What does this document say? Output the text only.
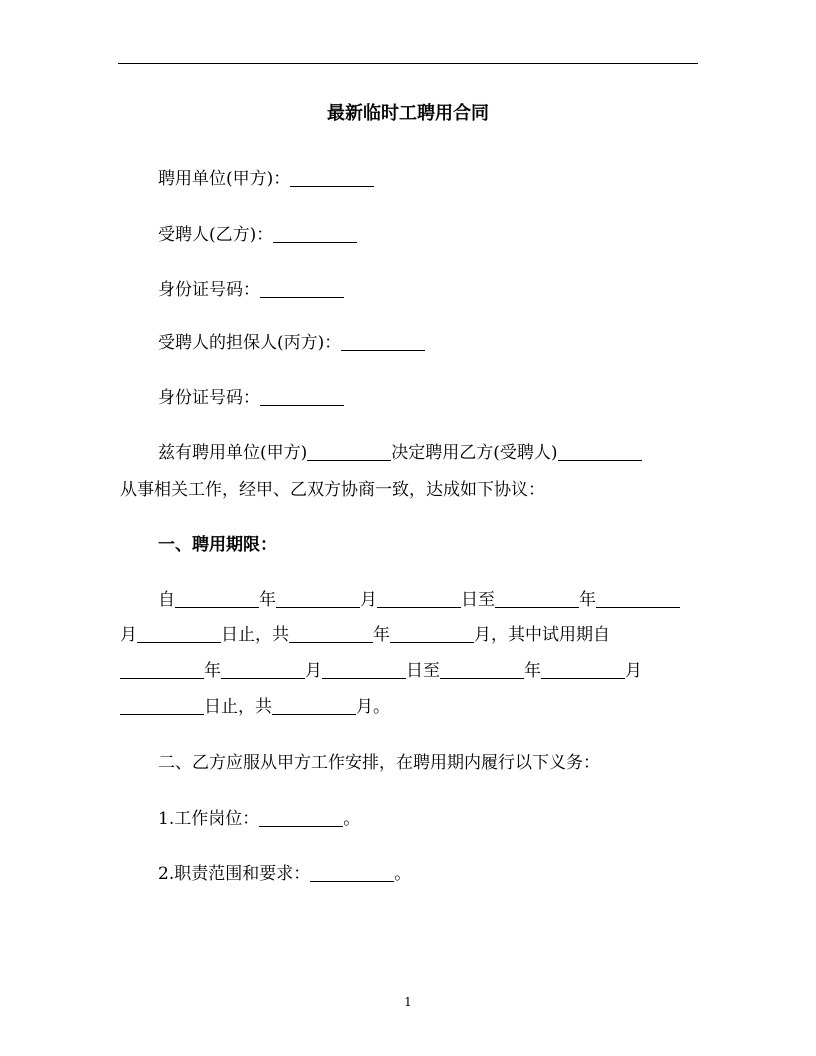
最新临时工聘用合同

聘用单位(甲方)：

受聘人(乙方)：

身份证号码：

受聘人的担保人(丙方)：

身份证号码：

兹有聘用单位(甲方)	决定聘用乙方(受聘人)

从事相关工作，经甲、乙双方协商一致，达成如下协议：

一、聘用期限：

自	年	月	日至	年

月	日止，共	年	月，其中试用期自

年	月	日至	年	月

日止，共	月。

二、乙方应服从甲方工作安排，在聘用期内履行以下义务：

1.工作岗位：	。

2.职责范围和要求：	。

1
